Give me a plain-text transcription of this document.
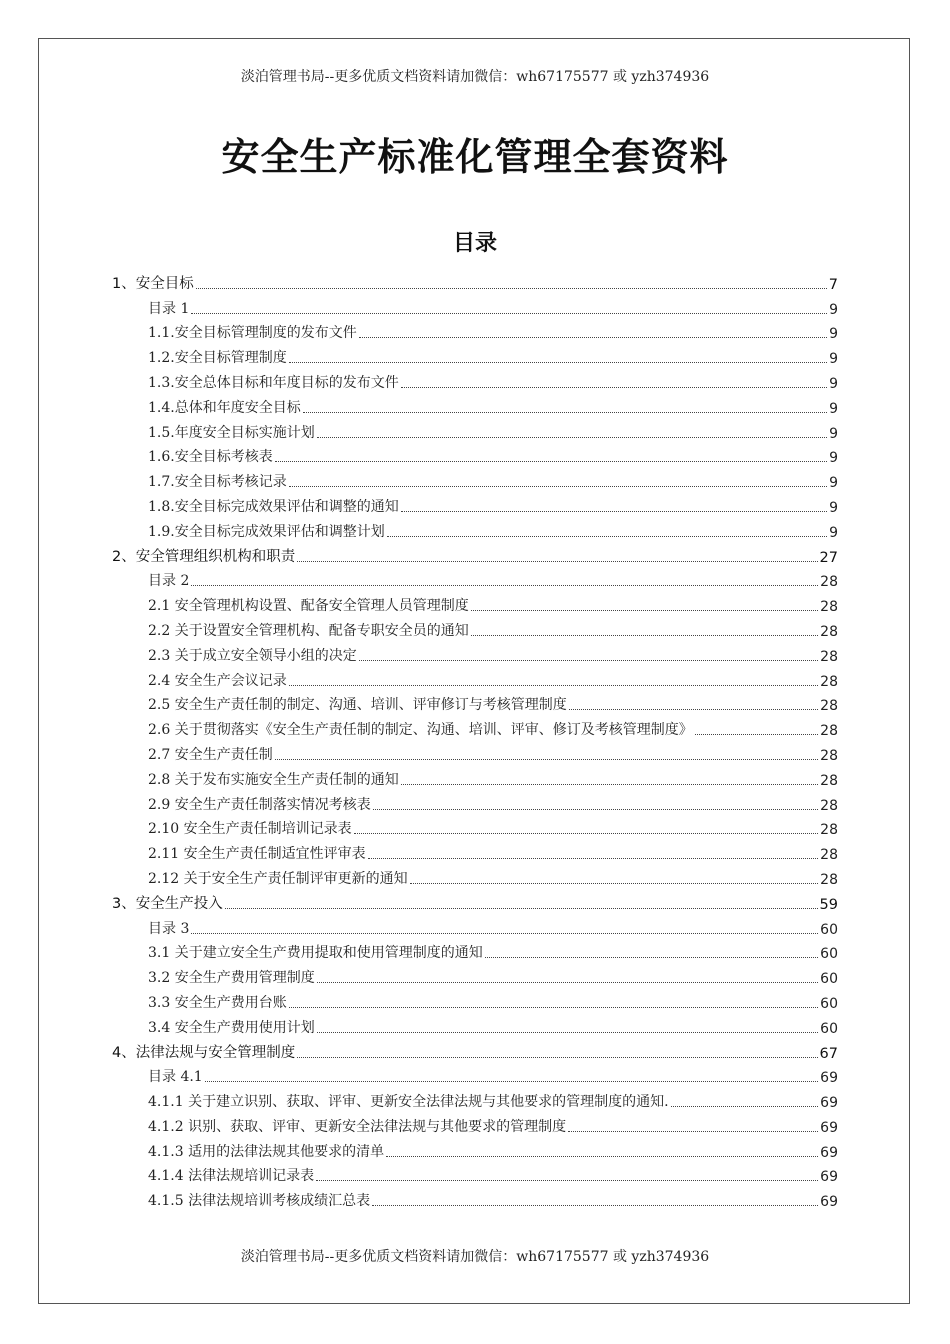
淡泊管理书局--更多优质文档资料请加微信：wh67175577 或 yzh374936
安全生产标准化管理全套资料
目录
1、安全目标	7
目录 1	9
1.1.安全目标管理制度的发布文件	9
1.2.安全目标管理制度	9
1.3.安全总体目标和年度目标的发布文件	9
1.4.总体和年度安全目标	9
1.5.年度安全目标实施计划	9
1.6.安全目标考核表	9
1.7.安全目标考核记录	9
1.8.安全目标完成效果评估和调整的通知	9
1.9.安全目标完成效果评估和调整计划	9
2、安全管理组织机构和职责	27
目录 2	28
2.1 安全管理机构设置、配备安全管理人员管理制度	28
2.2 关于设置安全管理机构、配备专职安全员的通知	28
2.3 关于成立安全领导小组的决定	28
2.4 安全生产会议记录	28
2.5 安全生产责任制的制定、沟通、培训、评审修订与考核管理制度	28
2.6 关于贯彻落实《安全生产责任制的制定、沟通、培训、评审、修订及考核管理制度》	28
2.7 安全生产责任制	28
2.8 关于发布实施安全生产责任制的通知	28
2.9 安全生产责任制落实情况考核表	28
2.10 安全生产责任制培训记录表	28
2.11 安全生产责任制适宜性评审表	28
2.12 关于安全生产责任制评审更新的通知	28
3、安全生产投入	59
目录 3	60
3.1 关于建立安全生产费用提取和使用管理制度的通知	60
3.2 安全生产费用管理制度	60
3.3 安全生产费用台账	60
3.4 安全生产费用使用计划	60
4、法律法规与安全管理制度	67
目录 4.1	69
4.1.1 关于建立识别、获取、评审、更新安全法律法规与其他要求的管理制度的通知.	69
4.1.2 识别、获取、评审、更新安全法律法规与其他要求的管理制度	69
4.1.3 适用的法律法规其他要求的清单	69
4.1.4 法律法规培训记录表	69
4.1.5 法律法规培训考核成绩汇总表	69
淡泊管理书局--更多优质文档资料请加微信：wh67175577 或 yzh374936
